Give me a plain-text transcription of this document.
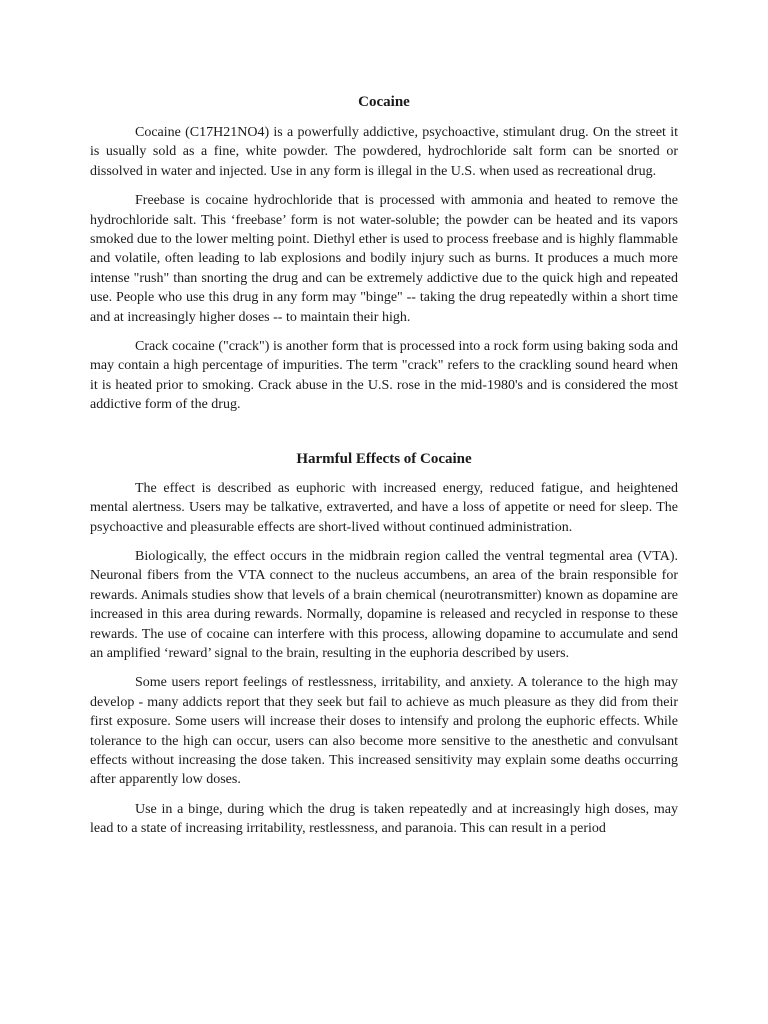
Cocaine

Cocaine (C17H21NO4) is a powerfully addictive, psychoactive, stimulant drug. On the street it is usually sold as a fine, white powder. The powdered, hydrochloride salt form can be snorted or dissolved in water and injected. Use in any form is illegal in the U.S. when used as recreational drug.

Freebase is cocaine hydrochloride that is processed with ammonia and heated to remove the hydrochloride salt. This ‘freebase’ form is not water-soluble; the powder can be heated and its vapors smoked due to the lower melting point. Diethyl ether is used to process freebase and is highly flammable and volatile, often leading to lab explosions and bodily injury such as burns. It produces a much more intense "rush" than snorting the drug and can be extremely addictive due to the quick high and repeated use. People who use this drug in any form may "binge" -- taking the drug repeatedly within a short time and at increasingly higher doses -- to maintain their high.

Crack cocaine ("crack") is another form that is processed into a rock form using baking soda and may contain a high percentage of impurities. The term "crack" refers to the crackling sound heard when it is heated prior to smoking. Crack abuse in the U.S. rose in the mid-1980's and is considered the most addictive form of the drug.

Harmful Effects of Cocaine

The effect is described as euphoric with increased energy, reduced fatigue, and heightened mental alertness. Users may be talkative, extraverted, and have a loss of appetite or need for sleep. The psychoactive and pleasurable effects are short-lived without continued administration.

Biologically, the effect occurs in the midbrain region called the ventral tegmental area (VTA). Neuronal fibers from the VTA connect to the nucleus accumbens, an area of the brain responsible for rewards. Animals studies show that levels of a brain chemical (neurotransmitter) known as dopamine are increased in this area during rewards. Normally, dopamine is released and recycled in response to these rewards. The use of cocaine can interfere with this process, allowing dopamine to accumulate and send an amplified ‘reward’ signal to the brain, resulting in the euphoria described by users.

Some users report feelings of restlessness, irritability, and anxiety. A tolerance to the high may develop - many addicts report that they seek but fail to achieve as much pleasure as they did from their first exposure. Some users will increase their doses to intensify and prolong the euphoric effects. While tolerance to the high can occur, users can also become more sensitive to the anesthetic and convulsant effects without increasing the dose taken. This increased sensitivity may explain some deaths occurring after apparently low doses.

Use in a binge, during which the drug is taken repeatedly and at increasingly high doses, may lead to a state of increasing irritability, restlessness, and paranoia. This can result in a period
